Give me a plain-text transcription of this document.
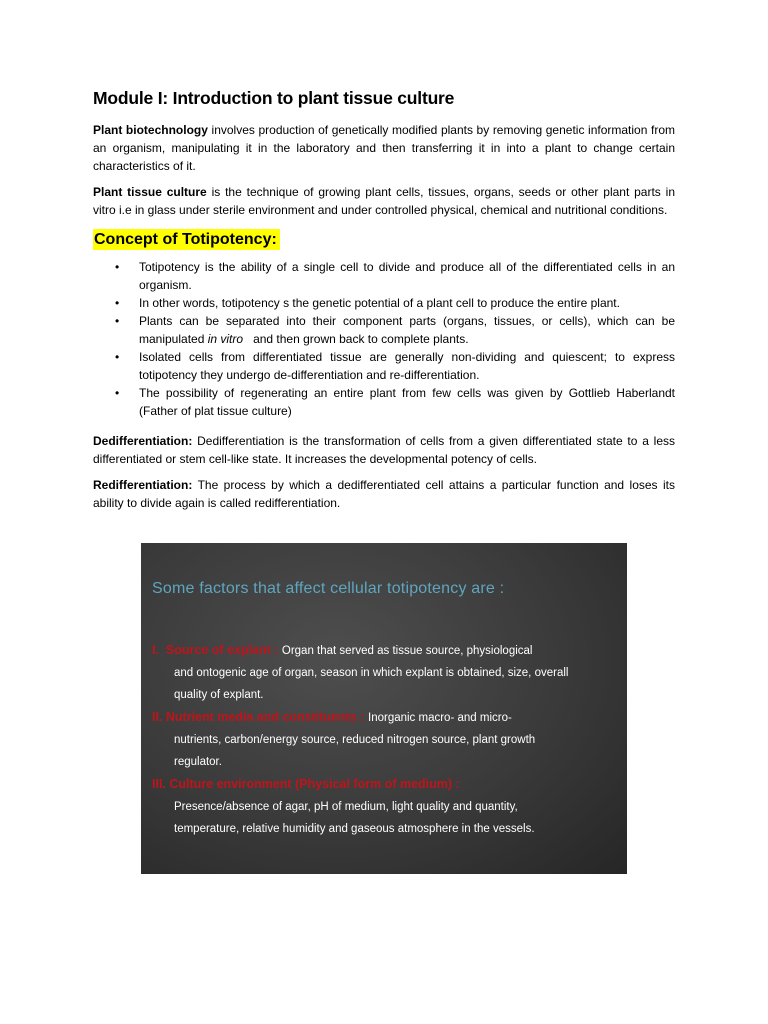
Module I: Introduction to plant tissue culture

Plant biotechnology involves production of genetically modified plants by removing genetic information from an organism, manipulating it in the laboratory and then transferring it in into a plant to change certain characteristics of it.

Plant tissue culture is the technique of growing plant cells, tissues, organs, seeds or other plant parts in vitro i.e in glass under sterile environment and under controlled physical, chemical and nutritional conditions.

Concept of Totipotency:
• Totipotency is the ability of a single cell to divide and produce all of the differentiated cells in an organism.
• In other words, totipotency s the genetic potential of a plant cell to produce the entire plant.
• Plants can be separated into their component parts (organs, tissues, or cells), which can be manipulated in vitro   and then grown back to complete plants.
• Isolated cells from differentiated tissue are generally non-dividing and quiescent; to express totipotency they undergo de-differentiation and re-differentiation.
• The possibility of regenerating an entire plant from few cells was given by Gottlieb Haberlandt (Father of plat tissue culture)

Dedifferentiation: Dedifferentiation is the transformation of cells from a given differentiated state to a less differentiated or stem cell-like state. It increases the developmental potency of cells.

Redifferentiation: The process by which a dedifferentiated cell attains a particular function and loses its ability to divide again is called redifferentiation.

Some factors that affect cellular totipotency are :
I.  Source of explant : Organ that served as tissue source, physiological
and ontogenic age of organ, season in which explant is obtained, size, overall
quality of explant.
II. Nutrient media and constituents : Inorganic macro- and micro-
nutrients, carbon/energy source, reduced nitrogen source, plant growth
regulator.
III. Culture environment (Physical form of medium) :
Presence/absence of agar, pH of medium, light quality and quantity,
temperature, relative humidity and gaseous atmosphere in the vessels.
